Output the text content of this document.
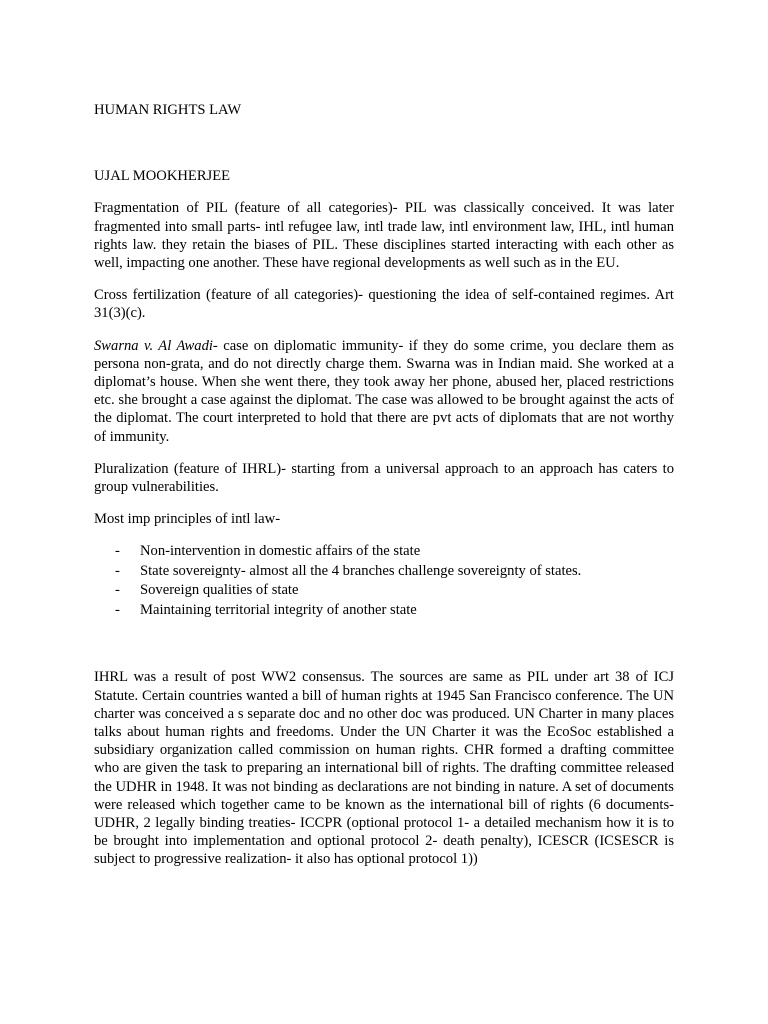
HUMAN RIGHTS LAW

UJAL MOOKHERJEE

Fragmentation of PIL (feature of all categories)- PIL was classically conceived. It was later fragmented into small parts- intl refugee law, intl trade law, intl environment law, IHL, intl human rights law. they retain the biases of PIL. These disciplines started interacting with each other as well, impacting one another. These have regional developments as well such as in the EU.

Cross fertilization (feature of all categories)- questioning the idea of self-contained regimes. Art 31(3)(c).

Swarna v. Al Awadi- case on diplomatic immunity- if they do some crime, you declare them as persona non-grata, and do not directly charge them. Swarna was in Indian maid. She worked at a diplomat’s house. When she went there, they took away her phone, abused her, placed restrictions etc. she brought a case against the diplomat. The case was allowed to be brought against the acts of the diplomat. The court interpreted to hold that there are pvt acts of diplomats that are not worthy of immunity.

Pluralization (feature of IHRL)- starting from a universal approach to an approach has caters to group vulnerabilities.

Most imp principles of intl law-

- Non-intervention in domestic affairs of the state
- State sovereignty- almost all the 4 branches challenge sovereignty of states.
- Sovereign qualities of state
- Maintaining territorial integrity of another state

IHRL was a result of post WW2 consensus. The sources are same as PIL under art 38 of ICJ Statute. Certain countries wanted a bill of human rights at 1945 San Francisco conference. The UN charter was conceived a s separate doc and no other doc was produced. UN Charter in many places talks about human rights and freedoms. Under the UN Charter it was the EcoSoc established a subsidiary organization called commission on human rights. CHR formed a drafting committee who are given the task to preparing an international bill of rights. The drafting committee released the UDHR in 1948. It was not binding as declarations are not binding in nature. A set of documents were released which together came to be known as the international bill of rights (6 documents- UDHR, 2 legally binding treaties- ICCPR (optional protocol 1- a detailed mechanism how it is to be brought into implementation and optional protocol 2- death penalty), ICESCR (ICSESCR is subject to progressive realization- it also has optional protocol 1))
